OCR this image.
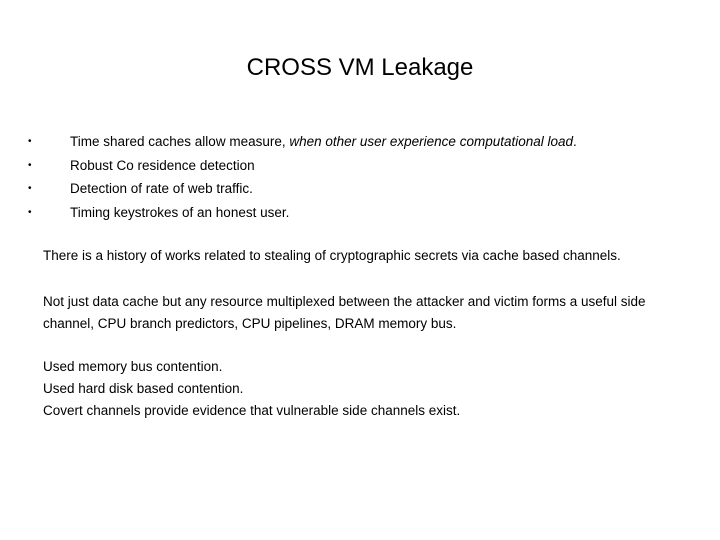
CROSS VM Leakage
•	Time shared caches allow measure, when other user experience computational load.
•	Robust Co residence detection
•	Detection of rate of web traffic.
•	Timing keystrokes of an honest user.

There is a history of works related to stealing of cryptographic secrets via cache based channels.

Not just data cache but any resource multiplexed between the attacker and victim forms a useful side channel, CPU branch predictors, CPU pipelines, DRAM memory bus.

Used memory bus contention.
Used hard disk based contention.
Covert channels provide evidence that vulnerable side channels exist.
